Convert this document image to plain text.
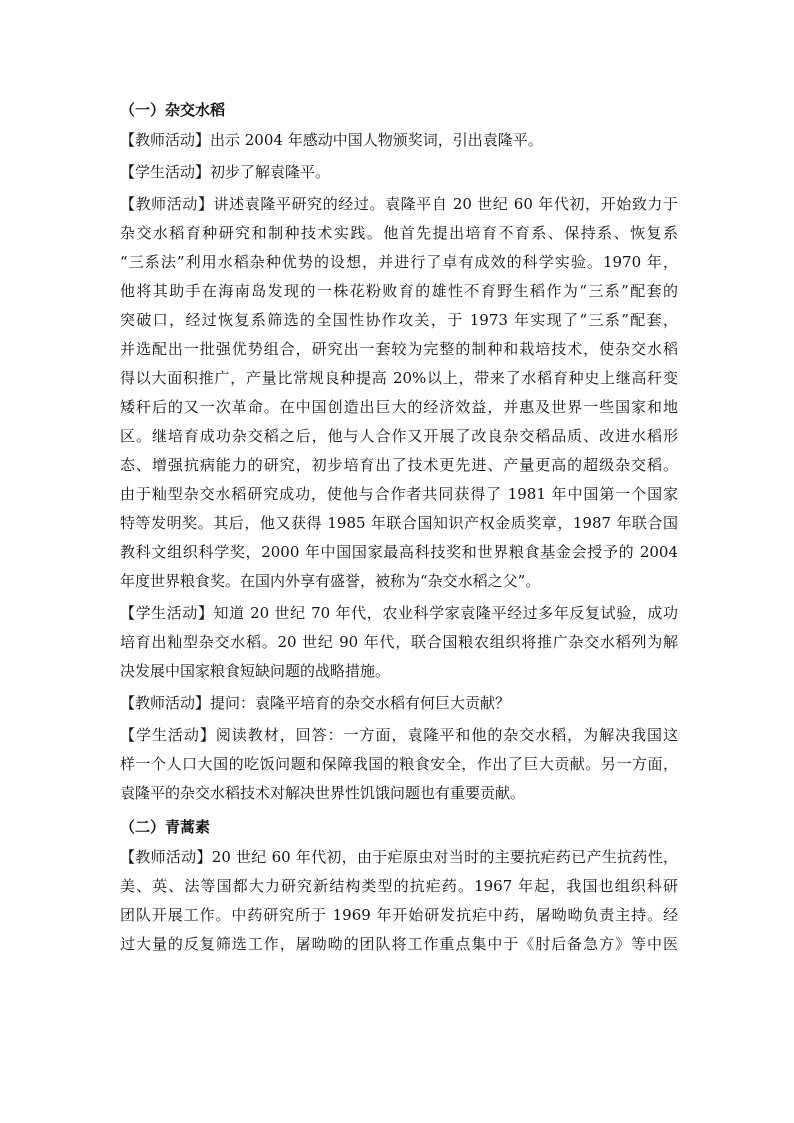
（一）杂交水稻
【教师活动】出示 2004 年感动中国人物颁奖词，引出袁隆平。
【学生活动】初步了解袁隆平。
【教师活动】讲述袁隆平研究的经过。袁隆平自 20 世纪 60 年代初，开始致力于
杂交水稻育种研究和制种技术实践。他首先提出培育不育系、保持系、恢复系
“三系法”利用水稻杂种优势的设想，并进行了卓有成效的科学实验。1970 年，
他将其助手在海南岛发现的一株花粉败育的雄性不育野生稻作为“三系”配套的
突破口，经过恢复系筛选的全国性协作攻关，于 1973 年实现了“三系”配套，
并选配出一批强优势组合，研究出一套较为完整的制种和栽培技术，使杂交水稻
得以大面积推广，产量比常规良种提高 20%以上，带来了水稻育种史上继高秆变
矮秆后的又一次革命。在中国创造出巨大的经济效益，并惠及世界一些国家和地
区。继培育成功杂交稻之后，他与人合作又开展了改良杂交稻品质、改进水稻形
态、增强抗病能力的研究，初步培育出了技术更先进、产量更高的超级杂交稻。
由于籼型杂交水稻研究成功，使他与合作者共同获得了 1981 年中国第一个国家
特等发明奖。其后，他又获得 1985 年联合国知识产权金质奖章，1987 年联合国
教科文组织科学奖，2000 年中国国家最高科技奖和世界粮食基金会授予的 2004
年度世界粮食奖。在国内外享有盛誉，被称为“杂交水稻之父”。
【学生活动】知道 20 世纪 70 年代，农业科学家袁隆平经过多年反复试验，成功
培育出籼型杂交水稻。20 世纪 90 年代，联合国粮农组织将推广杂交水稻列为解
决发展中国家粮食短缺问题的战略措施。
【教师活动】提问：袁隆平培育的杂交水稻有何巨大贡献？
【学生活动】阅读教材，回答：一方面，袁隆平和他的杂交水稻，为解决我国这
样一个人口大国的吃饭问题和保障我国的粮食安全，作出了巨大贡献。另一方面，
袁隆平的杂交水稻技术对解决世界性饥饿问题也有重要贡献。
（二）青蒿素
【教师活动】20 世纪 60 年代初，由于疟原虫对当时的主要抗疟药已产生抗药性，
美、英、法等国都大力研究新结构类型的抗疟药。1967 年起，我国也组织科研
团队开展工作。中药研究所于 1969 年开始研发抗疟中药，屠呦呦负责主持。经
过大量的反复筛选工作，屠呦呦的团队将工作重点集中于《肘后备急方》等中医
